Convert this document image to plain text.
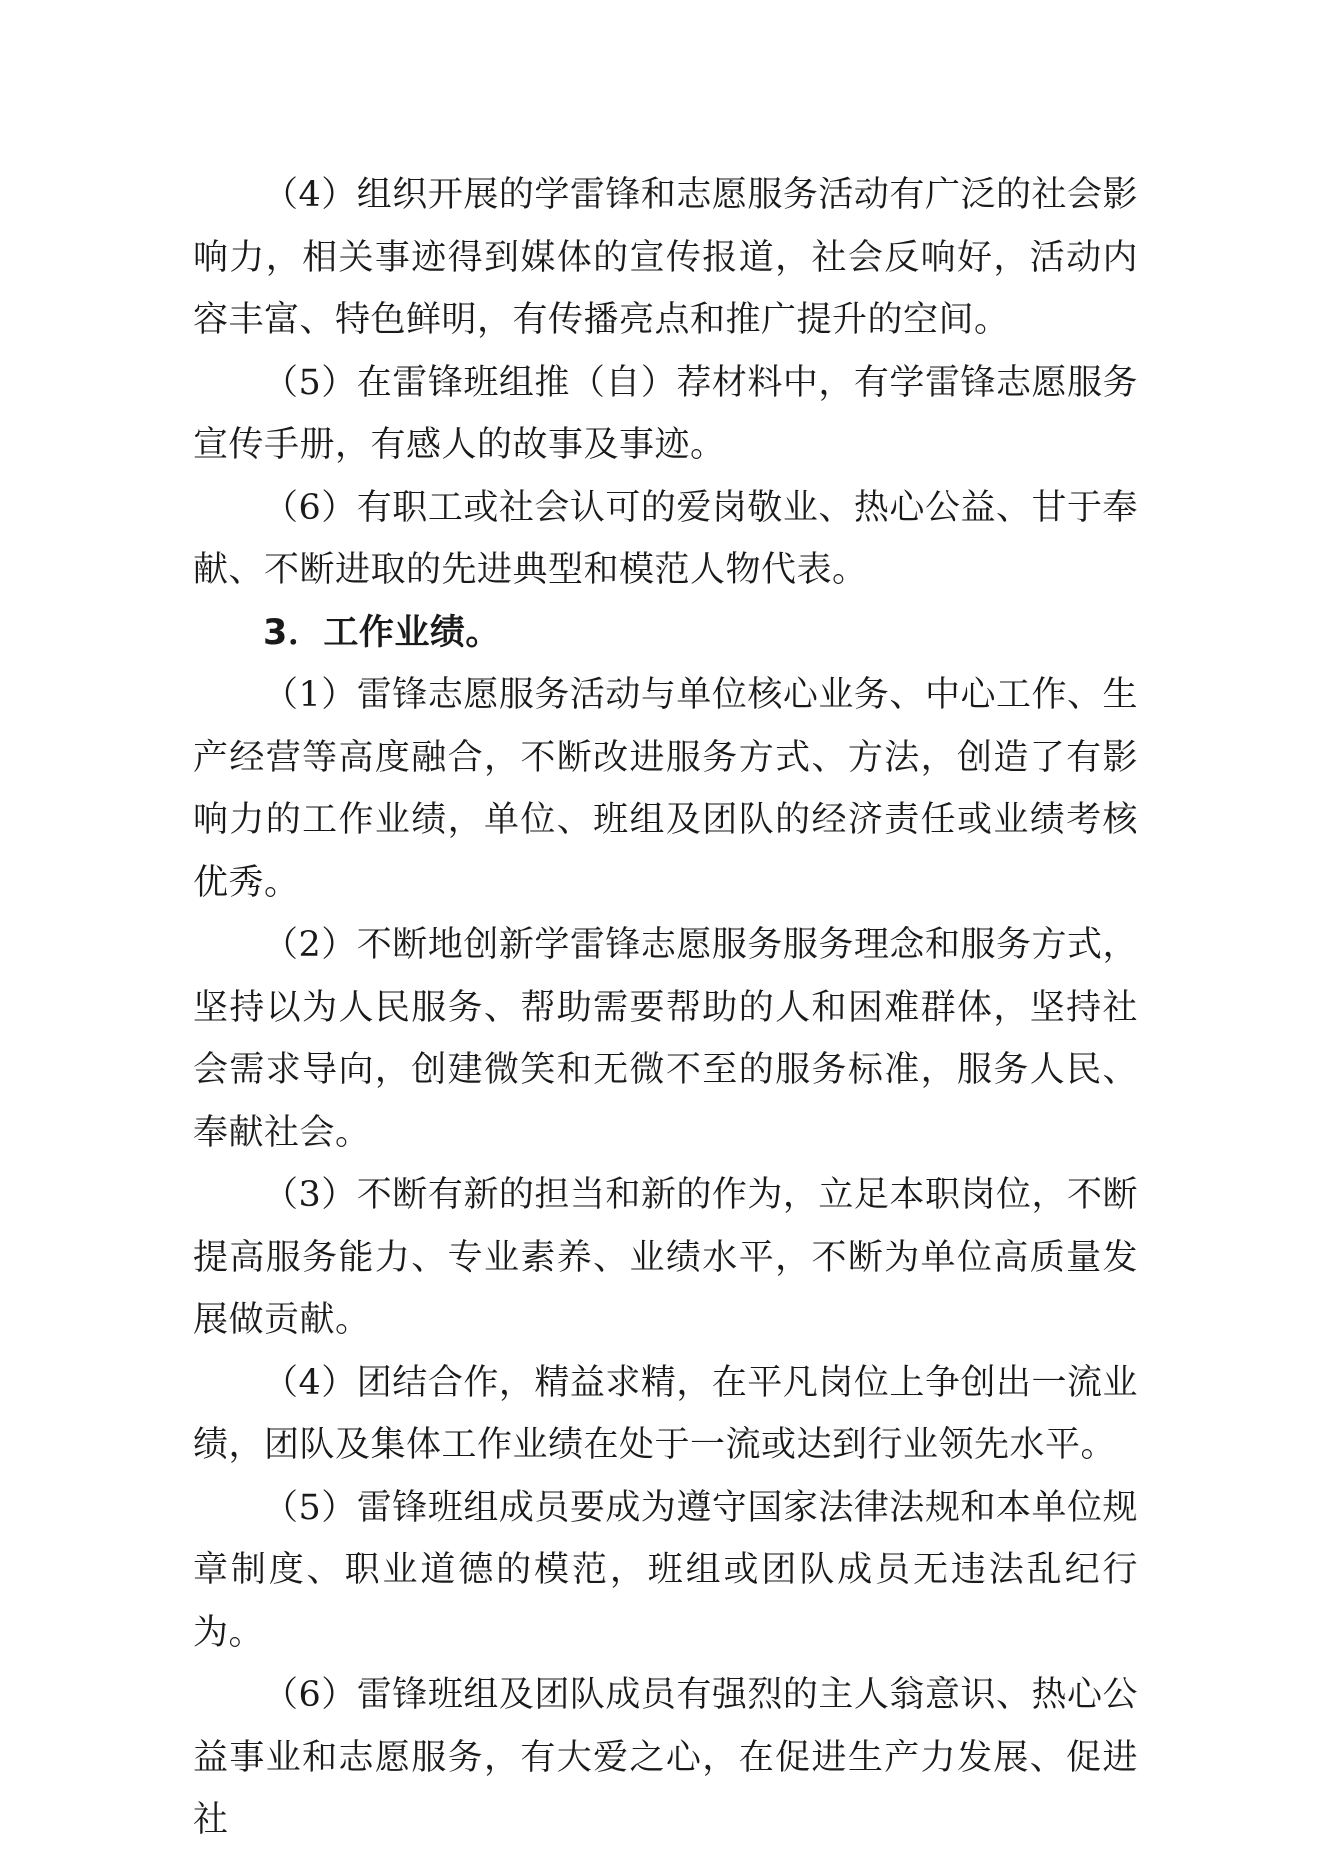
（4）组织开展的学雷锋和志愿服务活动有广泛的社会影响力，相关事迹得到媒体的宣传报道，社会反响好，活动内容丰富、特色鲜明，有传播亮点和推广提升的空间。

（5）在雷锋班组推（自）荐材料中，有学雷锋志愿服务宣传手册，有感人的故事及事迹。

（6）有职工或社会认可的爱岗敬业、热心公益、甘于奉献、不断进取的先进典型和模范人物代表。

3．工作业绩。

（1）雷锋志愿服务活动与单位核心业务、中心工作、生产经营等高度融合，不断改进服务方式、方法，创造了有影响力的工作业绩，单位、班组及团队的经济责任或业绩考核优秀。

（2）不断地创新学雷锋志愿服务服务理念和服务方式，坚持以为人民服务、帮助需要帮助的人和困难群体，坚持社会需求导向，创建微笑和无微不至的服务标准，服务人民、奉献社会。

（3）不断有新的担当和新的作为，立足本职岗位，不断提高服务能力、专业素养、业绩水平，不断为单位高质量发展做贡献。

（4）团结合作，精益求精，在平凡岗位上争创出一流业绩，团队及集体工作业绩在处于一流或达到行业领先水平。

（5）雷锋班组成员要成为遵守国家法律法规和本单位规章制度、职业道德的模范，班组或团队成员无违法乱纪行为。

（6）雷锋班组及团队成员有强烈的主人翁意识、热心公益事业和志愿服务，有大爱之心，在促进生产力发展、促进社
